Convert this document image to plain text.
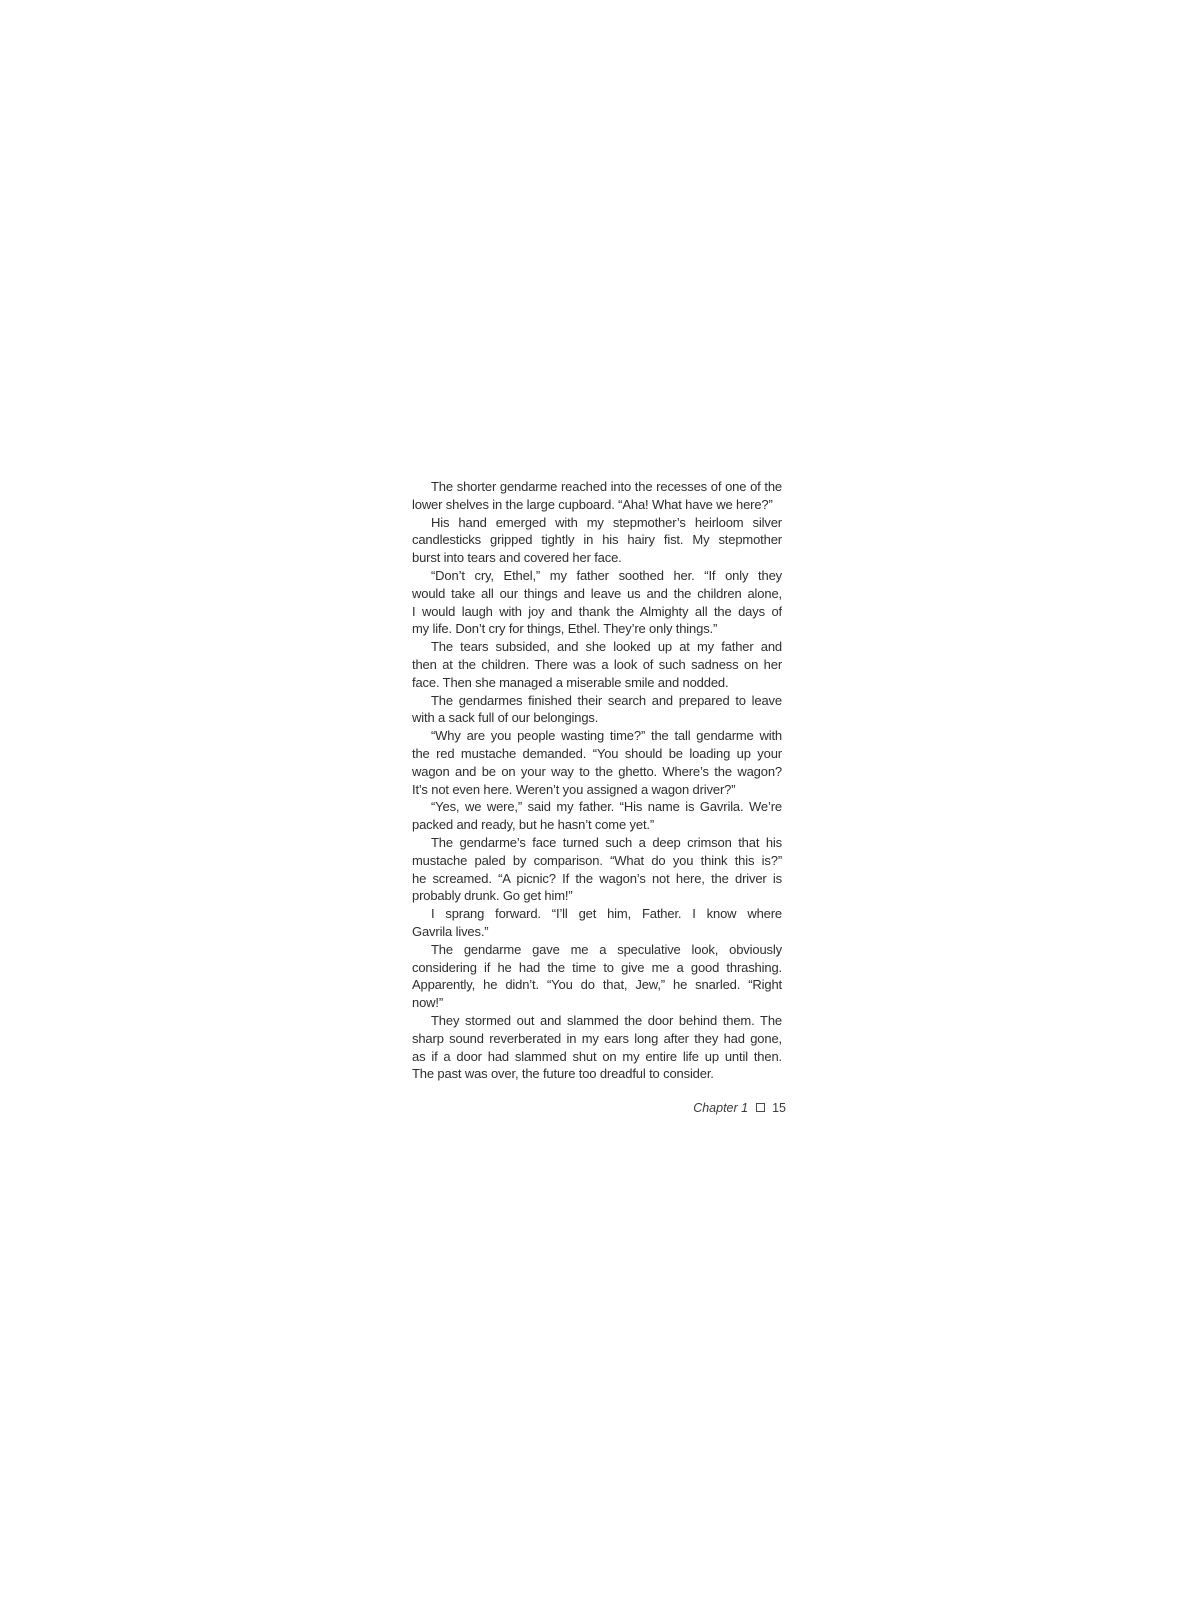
The shorter gendarme reached into the recesses of one of the
lower shelves in the large cupboard. “Aha! What have we here?”
His hand emerged with my stepmother’s heirloom silver
candlesticks gripped tightly in his hairy fist. My stepmother
burst into tears and covered her face.
“Don’t cry, Ethel,” my father soothed her. “If only they
would take all our things and leave us and the children alone,
I would laugh with joy and thank the Almighty all the days of
my life. Don’t cry for things, Ethel. They’re only things.”
The tears subsided, and she looked up at my father and
then at the children. There was a look of such sadness on her
face. Then she managed a miserable smile and nodded.
The gendarmes finished their search and prepared to leave
with a sack full of our belongings.
“Why are you people wasting time?” the tall gendarme with
the red mustache demanded. “You should be loading up your
wagon and be on your way to the ghetto. Where’s the wagon?
It’s not even here. Weren’t you assigned a wagon driver?”
“Yes, we were,” said my father. “His name is Gavrila. We’re
packed and ready, but he hasn’t come yet.”
The gendarme’s face turned such a deep crimson that his
mustache paled by comparison. “What do you think this is?”
he screamed. “A picnic? If the wagon’s not here, the driver is
probably drunk. Go get him!”
I sprang forward. “I’ll get him, Father. I know where
Gavrila lives.”
The gendarme gave me a speculative look, obviously
considering if he had the time to give me a good thrashing.
Apparently, he didn’t. “You do that, Jew,” he snarled. “Right
now!”
They stormed out and slammed the door behind them. The
sharp sound reverberated in my ears long after they had gone,
as if a door had slammed shut on my entire life up until then.
The past was over, the future too dreadful to consider.
Chapter 1 15
